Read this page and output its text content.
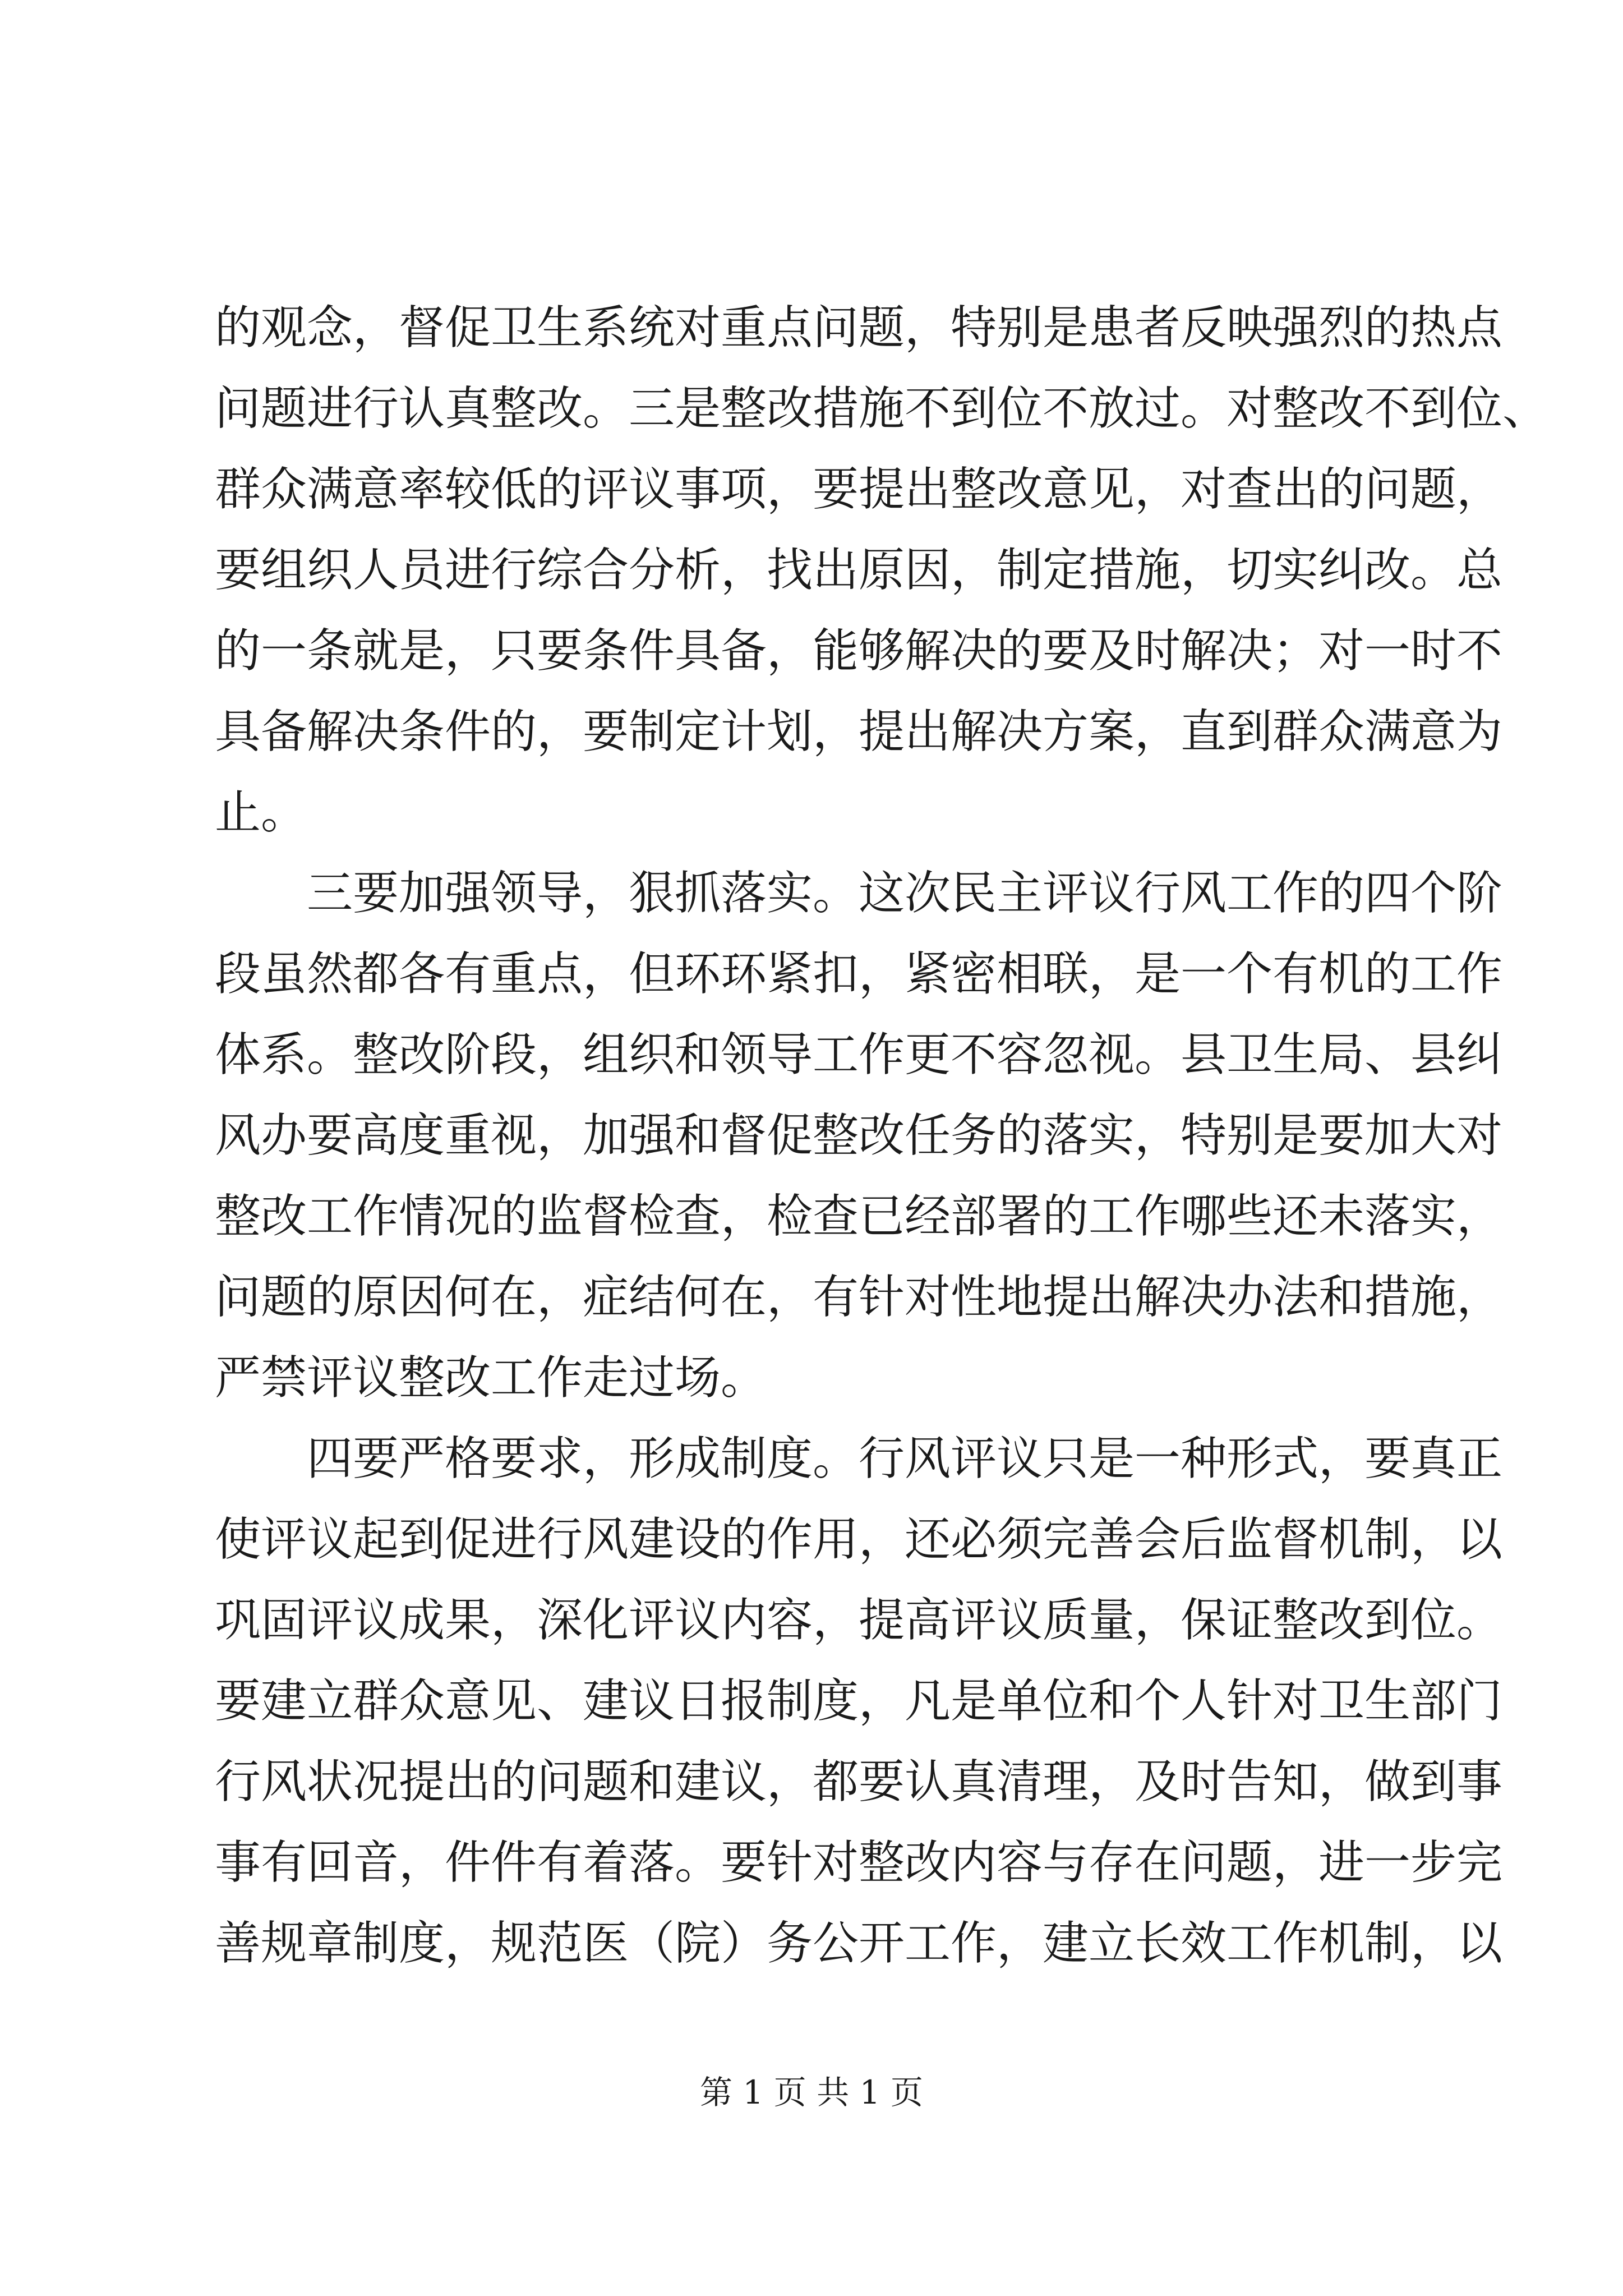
的观念，督促卫生系统对重点问题，特别是患者反映强烈的热点
问题进行认真整改。三是整改措施不到位不放过。对整改不到位、
群众满意率较低的评议事项，要提出整改意见，对查出的问题，
要组织人员进行综合分析，找出原因，制定措施，切实纠改。总
的一条就是，只要条件具备，能够解决的要及时解决；对一时不
具备解决条件的，要制定计划，提出解决方案，直到群众满意为
止。
三要加强领导，狠抓落实。这次民主评议行风工作的四个阶
段虽然都各有重点，但环环紧扣，紧密相联，是一个有机的工作
体系。整改阶段，组织和领导工作更不容忽视。县卫生局、县纠
风办要高度重视，加强和督促整改任务的落实，特别是要加大对
整改工作情况的监督检查，检查已经部署的工作哪些还未落实，
问题的原因何在，症结何在，有针对性地提出解决办法和措施，
严禁评议整改工作走过场。
四要严格要求，形成制度。行风评议只是一种形式，要真正
使评议起到促进行风建设的作用，还必须完善会后监督机制，以
巩固评议成果，深化评议内容，提高评议质量，保证整改到位。
要建立群众意见、建议日报制度，凡是单位和个人针对卫生部门
行风状况提出的问题和建议，都要认真清理，及时告知，做到事
事有回音，件件有着落。要针对整改内容与存在问题，进一步完
善规章制度，规范医（院）务公开工作，建立长效工作机制，以
第 1 页 共 1 页
